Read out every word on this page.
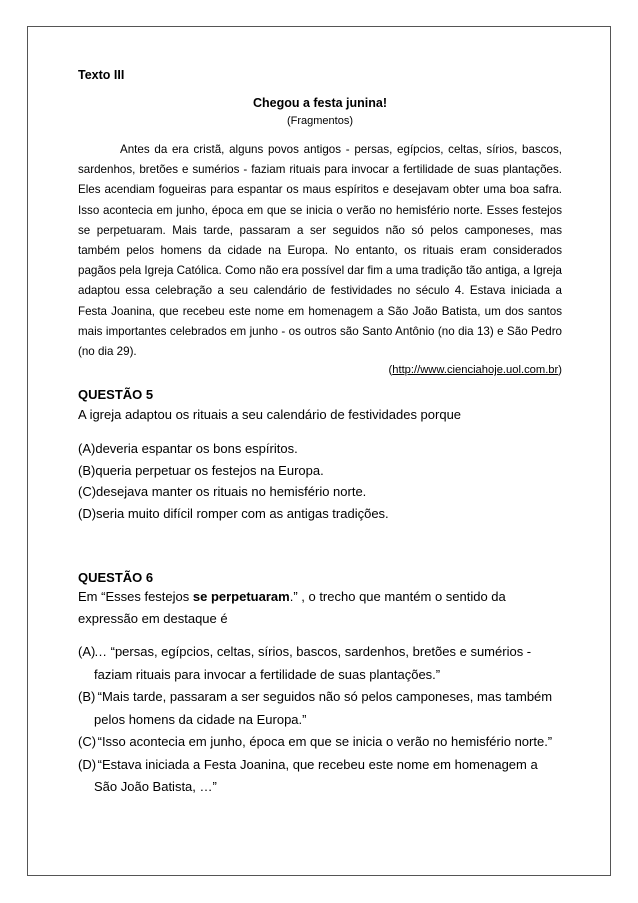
Texto III

Chegou a festa junina!

(Fragmentos)

Antes da era cristã, alguns povos antigos - persas, egípcios, celtas, sírios, bascos, sardenhos, bretões e sumérios - faziam rituais para invocar a fertilidade de suas plantações. Eles acendiam fogueiras para espantar os maus espíritos e desejavam obter uma boa safra. Isso acontecia em junho, época em que se inicia o verão no hemisfério norte. Esses festejos se perpetuaram. Mais tarde, passaram a ser seguidos não só pelos camponeses, mas também pelos homens da cidade na Europa. No entanto, os rituais eram considerados pagãos pela Igreja Católica. Como não era possível dar fim a uma tradição tão antiga, a Igreja adaptou essa celebração a seu calendário de festividades no século 4. Estava iniciada a Festa Joanina, que recebeu este nome em homenagem a São João Batista, um dos santos mais importantes celebrados em junho - os outros são Santo Antônio (no dia 13) e São Pedro (no dia 29).

(http://www.cienciahoje.uol.com.br)

QUESTÃO 5

A igreja adaptou os rituais a seu calendário de festividades porque

(A)deveria espantar os bons espíritos.
(B)queria perpetuar os festejos na Europa.
(C)desejava manter os rituais no hemisfério norte.
(D)seria muito difícil romper com as antigas tradições.

QUESTÃO 6

Em “Esses festejos se perpetuaram.” , o trecho que mantém o sentido da expressão em destaque é

(A)… “persas, egípcios, celtas, sírios, bascos, sardenhos, bretões e sumérios - faziam rituais para invocar a fertilidade de suas plantações.”
(B) “Mais tarde, passaram a ser seguidos não só pelos camponeses, mas também pelos homens da cidade na Europa.”
(C) “Isso acontecia em junho, época em que se inicia o verão no hemisfério norte.”
(D) “Estava iniciada a Festa Joanina, que recebeu este nome em homenagem a São João Batista, …”
